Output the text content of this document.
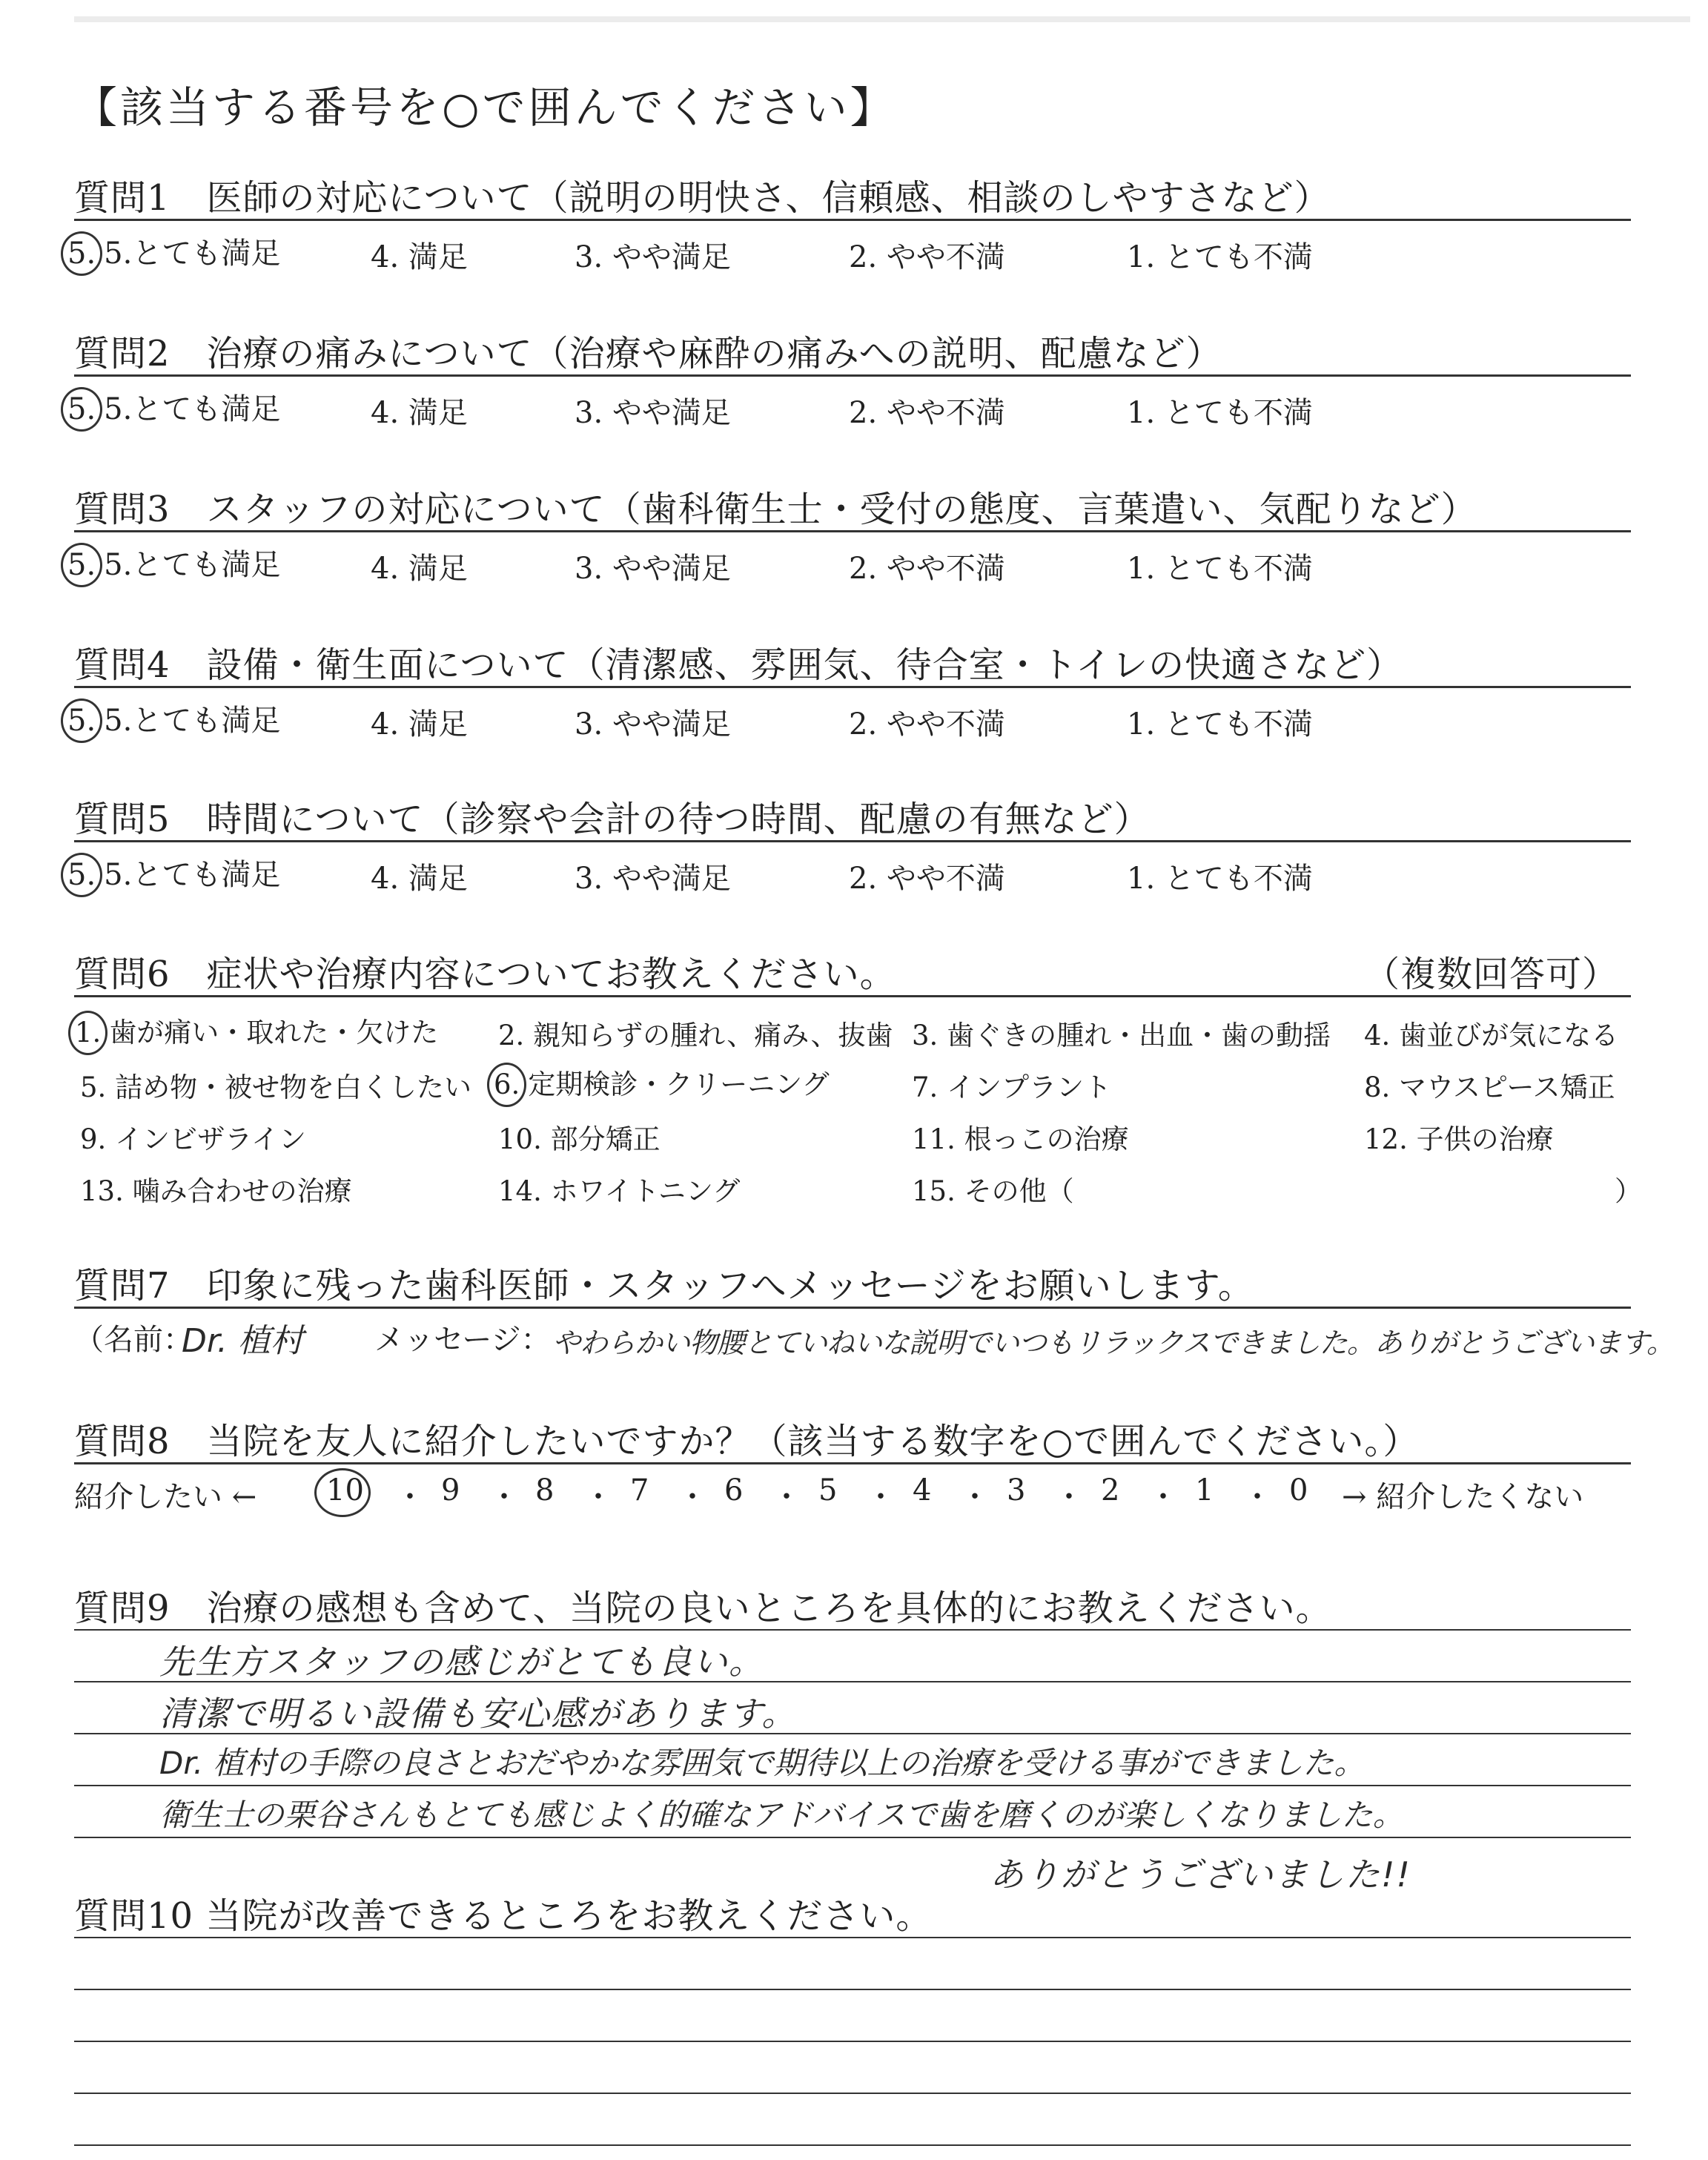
【該当する番号を○で囲んでください】
質問1　医師の対応について（説明の明快さ、信頼感、相談のしやすさなど）
5. 5.とても満足	4. 満足	3. やや満足	2. やや不満	1. とても不満
質問2　治療の痛みについて（治療や麻酔の痛みへの説明、配慮など）
5. 5.とても満足	4. 満足	3. やや満足	2. やや不満	1. とても不満
質問3　スタッフの対応について（歯科衛生士・受付の態度、言葉遣い、気配りなど）
5. 5.とても満足	4. 満足	3. やや満足	2. やや不満	1. とても不満
質問4　設備・衛生面について（清潔感、雰囲気、待合室・トイレの快適さなど）
5. 5.とても満足	4. 満足	3. やや満足	2. やや不満	1. とても不満
質問5　時間について（診察や会計の待つ時間、配慮の有無など）
5. 5.とても満足	4. 満足	3. やや満足	2. やや不満	1. とても不満
質問6　症状や治療内容についてお教えください。	（複数回答可）
1. 歯が痛い・取れた・欠けた 2. 親知らずの腫れ、痛み、抜歯 3. 歯ぐきの腫れ・出血・歯の動揺 4. 歯並びが気になる
5. 詰め物・被せ物を白くしたい 6. 定期検診・クリーニング	7. インプラント	8. マウスピース矯正
9. インビザライン	10. 部分矯正	11. 根っこの治療	12. 子供の治療
13. 噛み合わせの治療	14. ホワイトニング	15. その他（	）
質問7　印象に残った歯科医師・スタッフへメッセージをお願いします。
（名前：
Dr. 植村 メッセージ： やわらかい物腰とていねいな説明でいつもリラックスできました。ありがとうございます。
質問8　当院を友人に紹介したいですか？（該当する数字を○で囲んでください。）
紹介したい ← 10 ・ 9 ・ 8 ・ 7 ・ 6 ・ 5 ・ 4 ・ 3 ・ 2 ・ 1 ・ 0 → 紹介したくない
質問9　治療の感想も含めて、当院の良いところを具体的にお教えください。
先生方スタッフの感じがとても良い。
清潔で明るい設備も安心感があります。
Dr. 植村の手際の良さとおだやかな雰囲気で期待以上の治療を受ける事ができました。
衛生士の栗谷さんもとても感じよく的確なアドバイスで歯を磨くのが楽しくなりました。
ありがとうございました!!
質問10 当院が改善できるところをお教えください。
